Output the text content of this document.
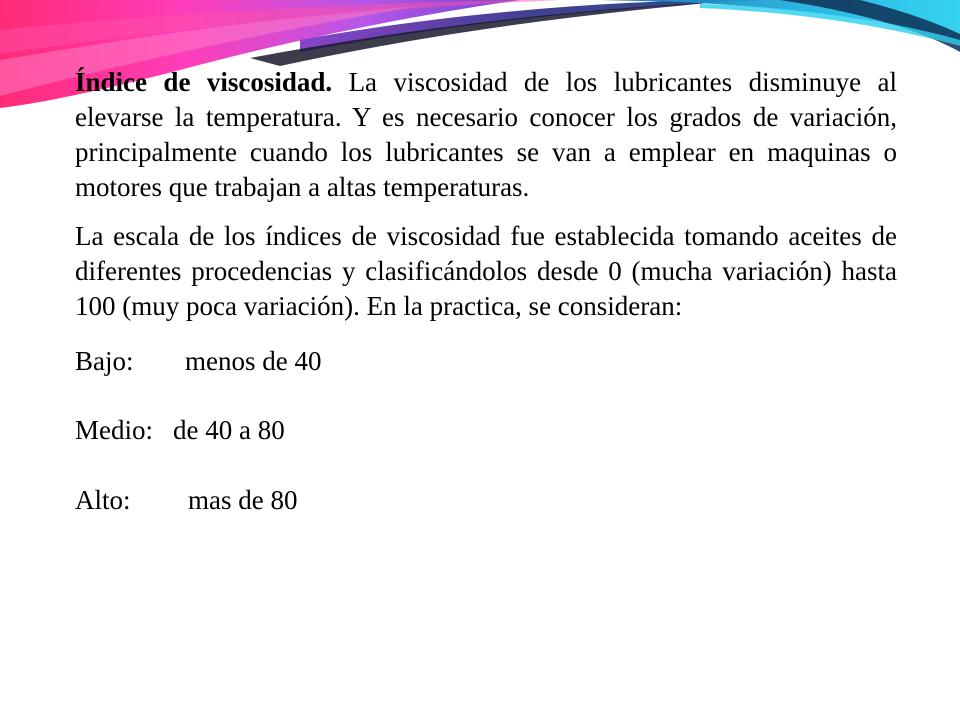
Índice de viscosidad. La viscosidad de los lubricantes disminuye al elevarse la temperatura. Y es necesario conocer los grados de variación, principalmente cuando los lubricantes se van a emplear en maquinas o motores que trabajan a altas temperaturas.

La escala de los índices de viscosidad fue establecida tomando aceites de diferentes procedencias y clasificándolos desde 0 (mucha variación) hasta 100 (muy poca variación). En la practica, se consideran:

Bajo: menos de 40
Medio: de 40 a 80
Alto: mas de 80
